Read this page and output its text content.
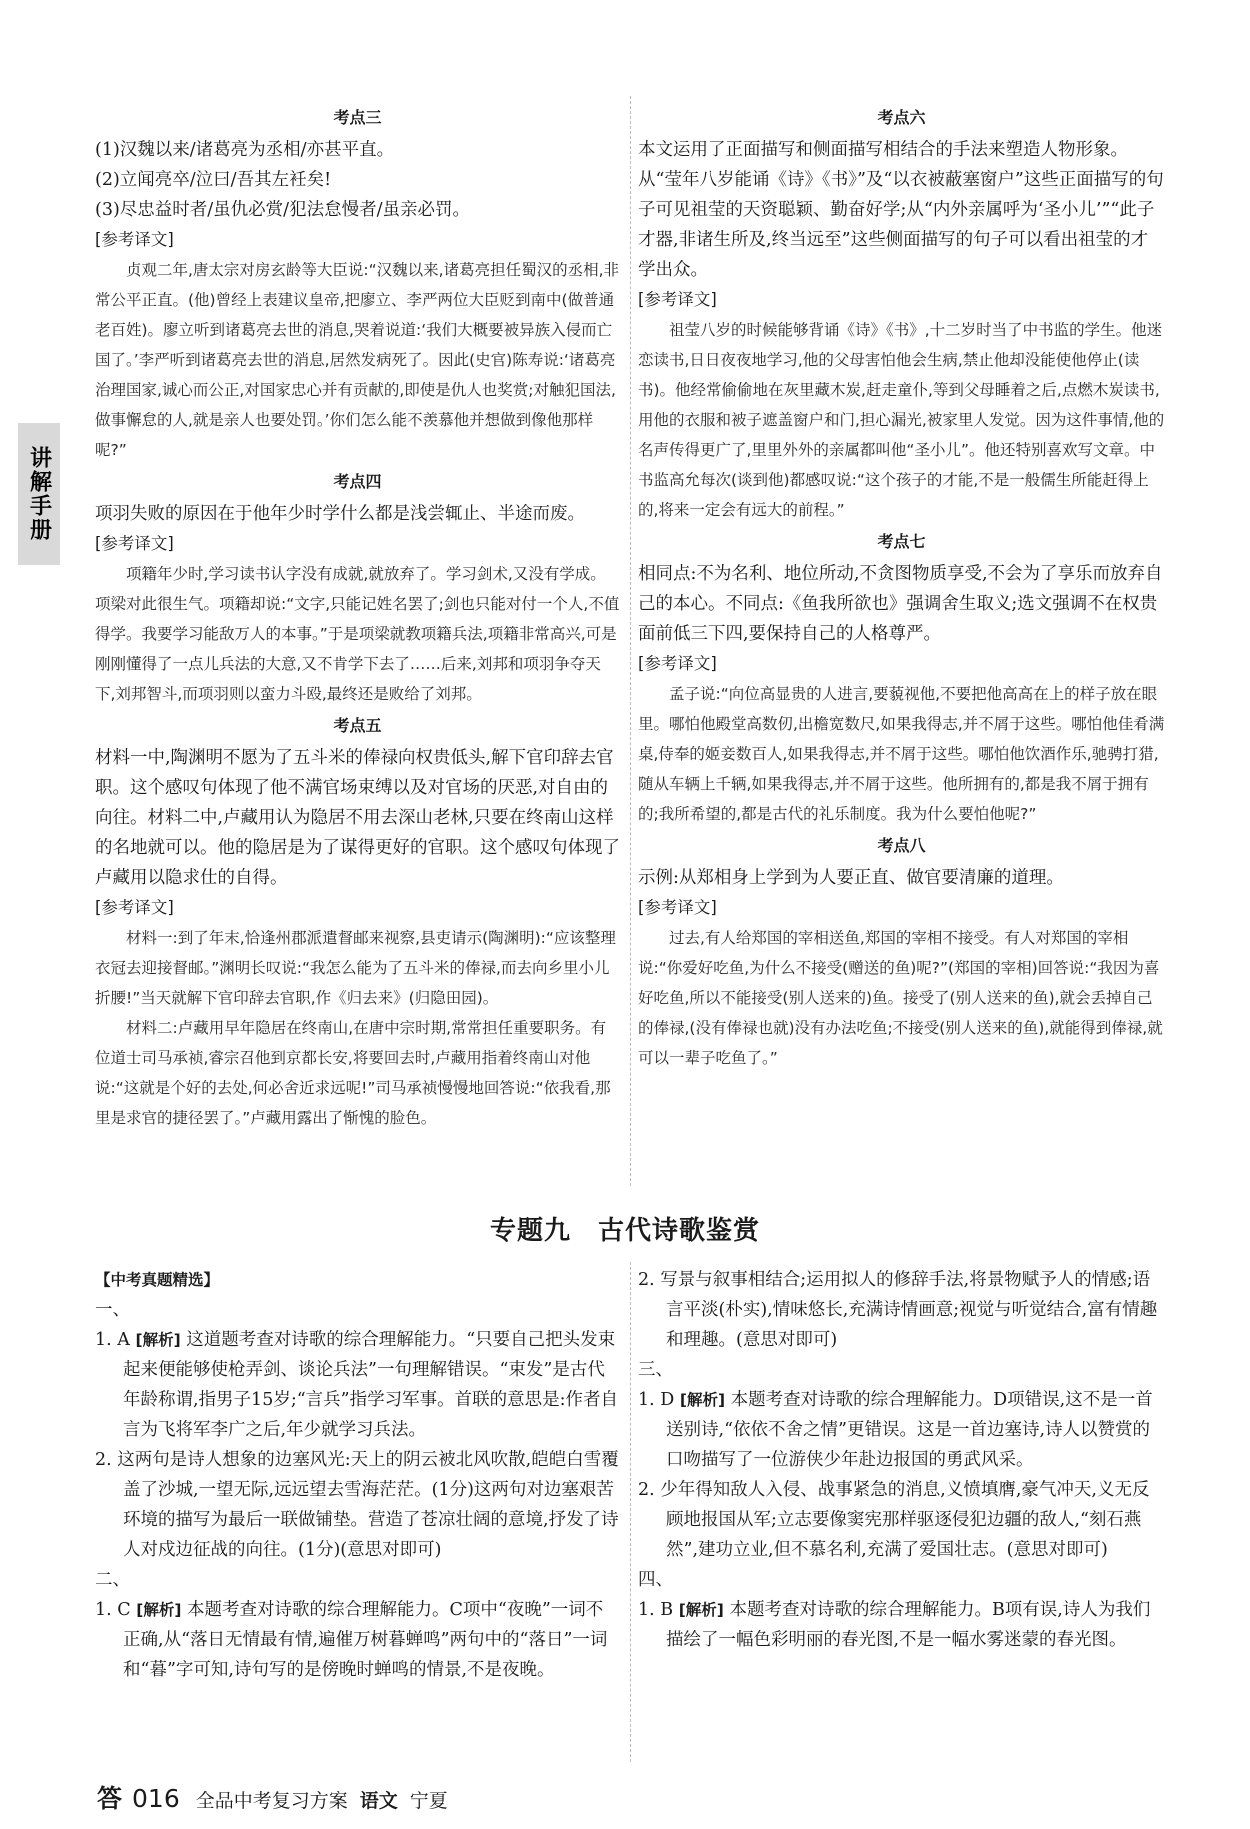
讲解手册
考点三

(1)汉魏以来/诸葛亮为丞相/亦甚平直。

(2)立闻亮卒/泣曰/吾其左衽矣!

(3)尽忠益时者/虽仇必赏/犯法怠慢者/虽亲必罚。

[参考译文]

贞观二年,唐太宗对房玄龄等大臣说:“汉魏以来,诸葛亮担任蜀汉的丞相,非常公平正直。(他)曾经上表建议皇帝,把廖立、李严两位大臣贬到南中(做普通老百姓)。廖立听到诸葛亮去世的消息,哭着说道:‘我们大概要被异族入侵而亡国了。’李严听到诸葛亮去世的消息,居然发病死了。因此(史官)陈寿说:‘诸葛亮治理国家,诚心而公正,对国家忠心并有贡献的,即使是仇人也奖赏;对触犯国法,做事懈怠的人,就是亲人也要处罚。’你们怎么能不羡慕他并想做到像他那样呢?”

考点四

项羽失败的原因在于他年少时学什么都是浅尝辄止、半途而废。

[参考译文]

项籍年少时,学习读书认字没有成就,就放弃了。学习剑术,又没有学成。项梁对此很生气。项籍却说:“文字,只能记姓名罢了;剑也只能对付一个人,不值得学。我要学习能敌万人的本事。”于是项梁就教项籍兵法,项籍非常高兴,可是刚刚懂得了一点儿兵法的大意,又不肯学下去了……后来,刘邦和项羽争夺天下,刘邦智斗,而项羽则以蛮力斗殴,最终还是败给了刘邦。

考点五

材料一中,陶渊明不愿为了五斗米的俸禄向权贵低头,解下官印辞去官职。这个感叹句体现了他不满官场束缚以及对官场的厌恶,对自由的向往。材料二中,卢藏用认为隐居不用去深山老林,只要在终南山这样的名地就可以。他的隐居是为了谋得更好的官职。这个感叹句体现了卢藏用以隐求仕的自得。

[参考译文]

材料一:到了年末,恰逢州郡派遣督邮来视察,县吏请示(陶渊明):“应该整理衣冠去迎接督邮。”渊明长叹说:“我怎么能为了五斗米的俸禄,而去向乡里小儿折腰!”当天就解下官印辞去官职,作《归去来》(归隐田园)。

材料二:卢藏用早年隐居在终南山,在唐中宗时期,常常担任重要职务。有位道士司马承祯,睿宗召他到京都长安,将要回去时,卢藏用指着终南山对他说:“这就是个好的去处,何必舍近求远呢!”司马承祯慢慢地回答说:“依我看,那里是求官的捷径罢了。”卢藏用露出了惭愧的脸色。

考点六

本文运用了正面描写和侧面描写相结合的手法来塑造人物形象。从“莹年八岁能诵《诗》《书》”及“以衣被蔽塞窗户”这些正面描写的句子可见祖莹的天资聪颖、勤奋好学;从“内外亲属呼为‘圣小儿’”“此子才器,非诸生所及,终当远至”这些侧面描写的句子可以看出祖莹的才学出众。

[参考译文]

祖莹八岁的时候能够背诵《诗》《书》,十二岁时当了中书监的学生。他迷恋读书,日日夜夜地学习,他的父母害怕他会生病,禁止他却没能使他停止(读书)。他经常偷偷地在灰里藏木炭,赶走童仆,等到父母睡着之后,点燃木炭读书,用他的衣服和被子遮盖窗户和门,担心漏光,被家里人发觉。因为这件事情,他的名声传得更广了,里里外外的亲属都叫他“圣小儿”。他还特别喜欢写文章。中书监高允每次(谈到他)都感叹说:“这个孩子的才能,不是一般儒生所能赶得上的,将来一定会有远大的前程。”

考点七

相同点:不为名利、地位所动,不贪图物质享受,不会为了享乐而放弃自己的本心。不同点:《鱼我所欲也》强调舍生取义;选文强调不在权贵面前低三下四,要保持自己的人格尊严。

[参考译文]

孟子说:“向位高显贵的人进言,要藐视他,不要把他高高在上的样子放在眼里。哪怕他殿堂高数仞,出檐宽数尺,如果我得志,并不屑于这些。哪怕他佳肴满桌,侍奉的姬妾数百人,如果我得志,并不屑于这些。哪怕他饮酒作乐,驰骋打猎,随从车辆上千辆,如果我得志,并不屑于这些。他所拥有的,都是我不屑于拥有的;我所希望的,都是古代的礼乐制度。我为什么要怕他呢?”

考点八

示例:从郑相身上学到为人要正直、做官要清廉的道理。

[参考译文]

过去,有人给郑国的宰相送鱼,郑国的宰相不接受。有人对郑国的宰相说:“你爱好吃鱼,为什么不接受(赠送的鱼)呢?”(郑国的宰相)回答说:“我因为喜好吃鱼,所以不能接受(别人送来的)鱼。接受了(别人送来的鱼),就会丢掉自己的俸禄,(没有俸禄也就)没有办法吃鱼;不接受(别人送来的鱼),就能得到俸禄,就可以一辈子吃鱼了。”

专题九　古代诗歌鉴赏

【中考真题精选】

一、

1. A [解析] 这道题考查对诗歌的综合理解能力。“只要自己把头发束起来便能够使枪弄剑、谈论兵法”一句理解错误。“束发”是古代年龄称谓,指男子15岁;“言兵”指学习军事。首联的意思是:作者自言为飞将军李广之后,年少就学习兵法。

2. 这两句是诗人想象的边塞风光:天上的阴云被北风吹散,皑皑白雪覆盖了沙城,一望无际,远远望去雪海茫茫。(1分)这两句对边塞艰苦环境的描写为最后一联做铺垫。营造了苍凉壮阔的意境,抒发了诗人对戍边征战的向往。(1分)(意思对即可)

二、

1. C [解析] 本题考查对诗歌的综合理解能力。C项中“夜晚”一词不正确,从“落日无情最有情,遍催万树暮蝉鸣”两句中的“落日”一词和“暮”字可知,诗句写的是傍晚时蝉鸣的情景,不是夜晚。

2. 写景与叙事相结合;运用拟人的修辞手法,将景物赋予人的情感;语言平淡(朴实),情味悠长,充满诗情画意;视觉与听觉结合,富有情趣和理趣。(意思对即可)

三、

1. D [解析] 本题考查对诗歌的综合理解能力。D项错误,这不是一首送别诗,“依依不舍之情”更错误。这是一首边塞诗,诗人以赞赏的口吻描写了一位游侠少年赴边报国的勇武风采。

2. 少年得知敌人入侵、战事紧急的消息,义愤填膺,豪气冲天,义无反顾地报国从军;立志要像窦宪那样驱逐侵犯边疆的敌人,“刻石燕然”,建功立业,但不慕名利,充满了爱国壮志。(意思对即可)

四、

1. B [解析] 本题考查对诗歌的综合理解能力。B项有误,诗人为我们描绘了一幅色彩明丽的春光图,不是一幅水雾迷蒙的春光图。

答 016 全品中考复习方案 语文 宁夏
